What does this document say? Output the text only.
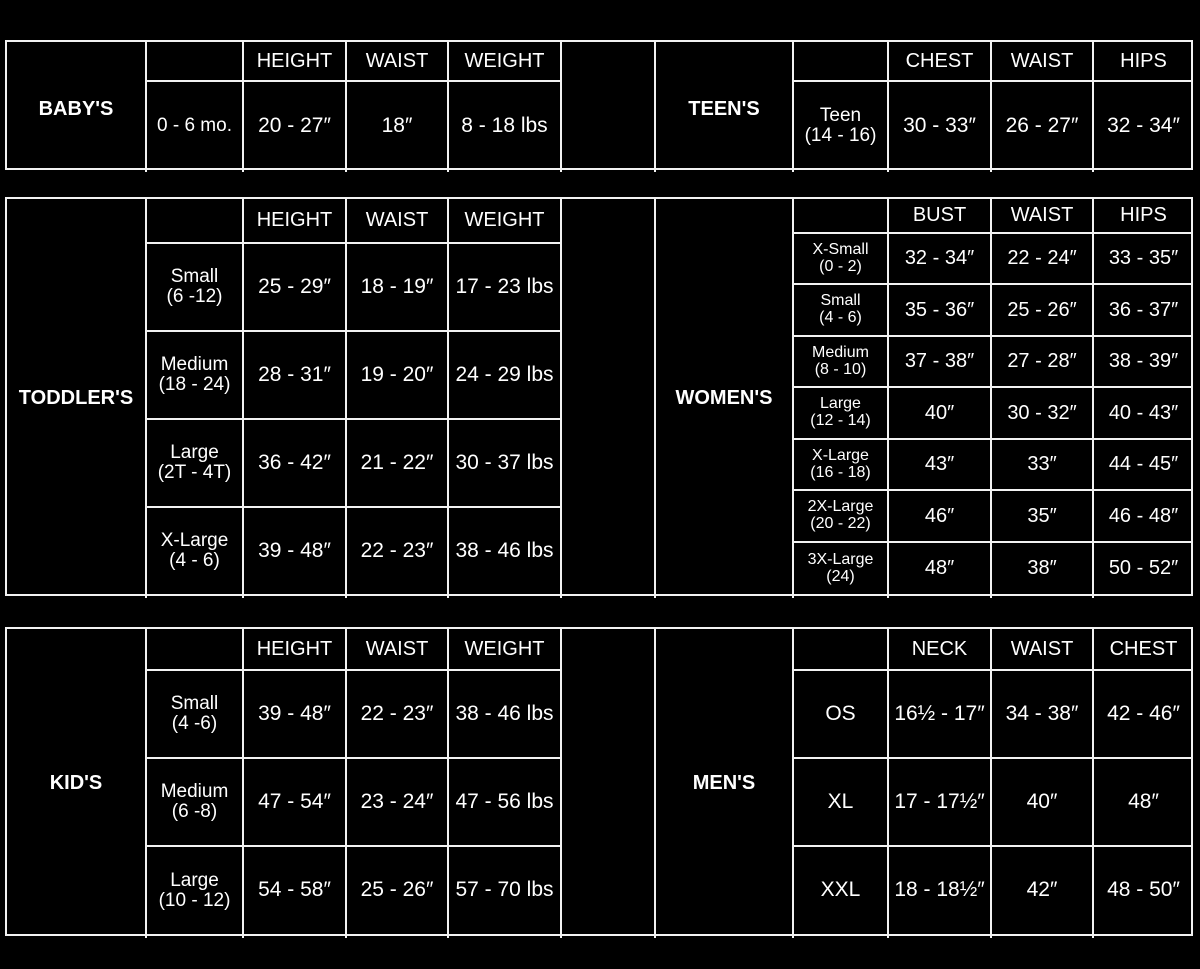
BABY'S
HEIGHT	WAIST	WEIGHT
0 - 6 mo.	20 - 27″	18″	8 - 18 lbs
TEEN'S
CHEST	WAIST	HIPS
Teen
(14 - 16)	30 - 33″	26 - 27″	32 - 34″
TODDLER'S
HEIGHT	WAIST	WEIGHT
Small
(6 -12)	25 - 29″	18 - 19″	17 - 23 lbs
Medium
(18 - 24)	28 - 31″	19 - 20″	24 - 29 lbs
Large
(2T - 4T)	36 - 42″	21 - 22″	30 - 37 lbs
X-Large
(4 - 6)	39 - 48″	22 - 23″	38 - 46 lbs
WOMEN'S
BUST	WAIST	HIPS
X-Small
(0 - 2)	32 - 34″	22 - 24″	33 - 35″
Small
(4 - 6)	35 - 36″	25 - 26″	36 - 37″
Medium
(8 - 10)	37 - 38″	27 - 28″	38 - 39″
Large
(12 - 14)	40″	30 - 32″	40 - 43″
X-Large
(16 - 18)	43″	33″	44 - 45″
2X-Large
(20 - 22)	46″	35″	46 - 48″
3X-Large
(24)	48″	38″	50 - 52″
KID'S
HEIGHT	WAIST	WEIGHT
Small
(4 -6)	39 - 48″	22 - 23″	38 - 46 lbs
Medium
(6 -8)	47 - 54″	23 - 24″	47 - 56 lbs
Large
(10 - 12)	54 - 58″	25 - 26″	57 - 70 lbs
MEN'S
NECK	WAIST	CHEST
OS	16½ - 17″ 34 - 38″	42 - 46″
XL	17 - 17½″	40″	48″
XXL	18 - 18½″	42″	48 - 50″
